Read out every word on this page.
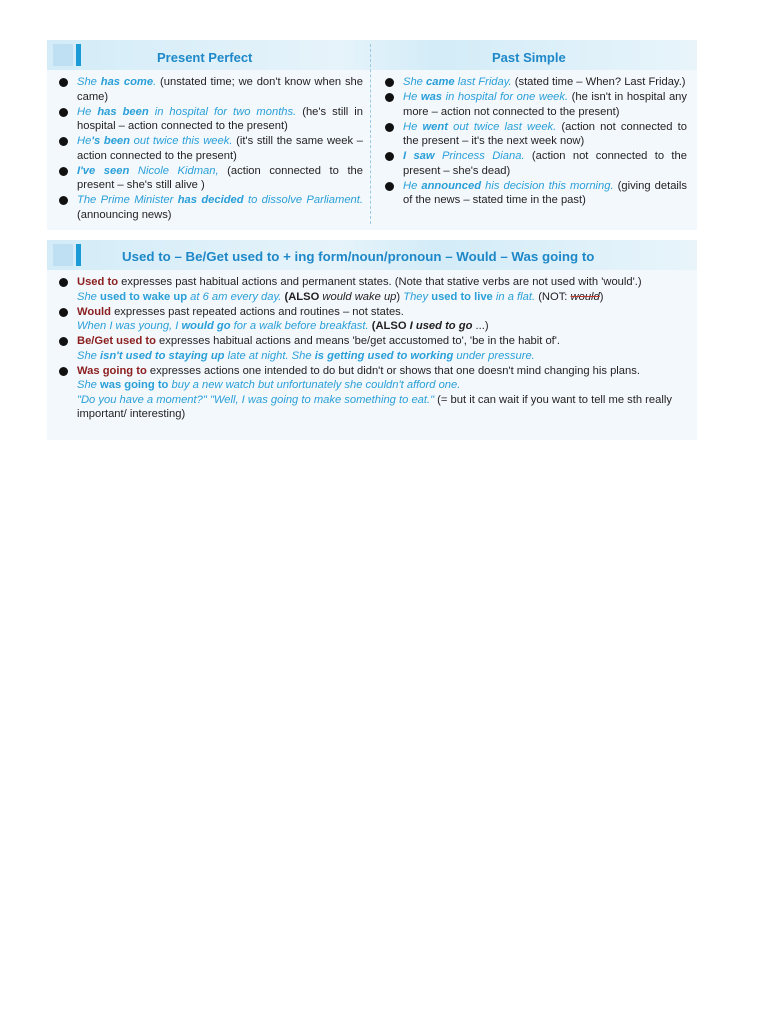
Present Perfect	Past Simple
She has come. (unstated time; we don't know when she came)
He has been in hospital for two months. (he's still in hospital – action connected to the present)
He's been out twice this week. (it's still the same week – action connected to the present)
I've seen Nicole Kidman, (action connected to the present – she's still alive )
The Prime Minister has decided to dissolve Parliament. (announcing news)
She came last Friday. (stated time – When? Last Friday.)
He was in hospital for one week. (he isn't in hospital any more – action not connected to the present)
He went out twice last week. (action not connected to the present – it's the next week now)
I saw Princess Diana. (action not connected to the present – she's dead)
He announced his decision this morning. (giving details of the news – stated time in the past)
Used to – Be/Get used to + ing form/noun/pronoun – Would – Was going to
Used to expresses past habitual actions and permanent states. (Note that stative verbs are not used with 'would'.)
She used to wake up at 6 am every day. (ALSO would wake up) They used to live in a flat. (NOT: would)
Would expresses past repeated actions and routines – not states.
When I was young, I would go for a walk before breakfast. (ALSO I used to go ...)
Be/Get used to expresses habitual actions and means 'be/get accustomed to', 'be in the habit of'.
She isn't used to staying up late at night. She is getting used to working under pressure.
Was going to expresses actions one intended to do but didn't or shows that one doesn't mind changing his plans.
She was going to buy a new watch but unfortunately she couldn't afford one.
"Do you have a moment?" "Well, I was going to make something to eat." (= but it can wait if you want to tell me sth really important/ interesting)
